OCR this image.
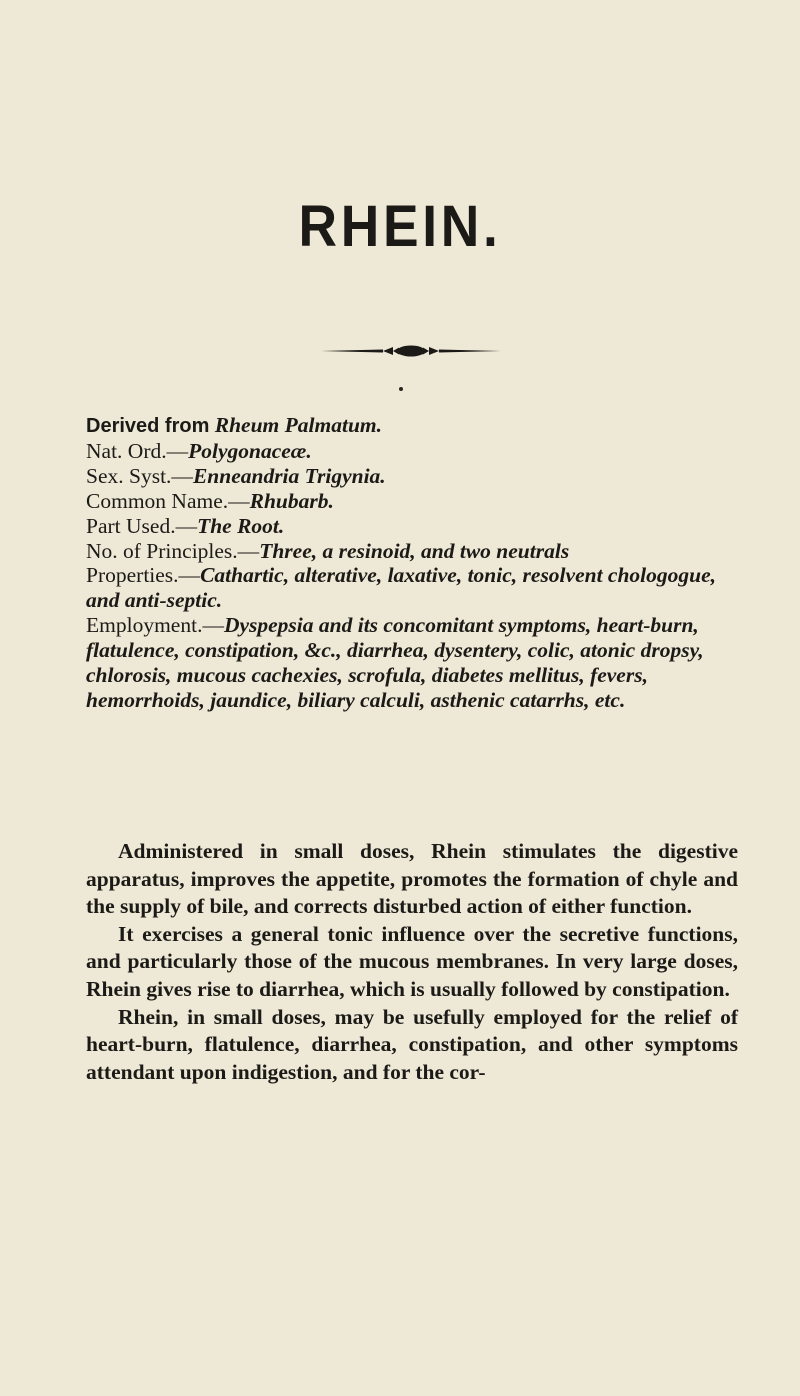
RHEIN.

Derived from Rheum Palmatum.

Nat. Ord.—Polygonaceæ.

Sex. Syst.—Enneandria Trigynia.

Common Name.—Rhubarb.

Part Used.—The Root.

No. of Principles.—Three, a resinoid, and two neutrals

Properties.—Cathartic, alterative, laxative, tonic, resolvent chologogue, and anti-septic.

Employment.—Dyspepsia and its concomitant symptoms, heart-burn, flatulence, constipation, &c., diarrhea, dysentery, colic, atonic dropsy, chlorosis, mucous cachexies, scrofula, diabetes mellitus, fevers, hemorrhoids, jaundice, biliary calculi, asthenic catarrhs, etc.

Administered in small doses, Rhein stimulates the digestive apparatus, improves the appetite, promotes the formation of chyle and the supply of bile, and corrects disturbed action of either function.

It exercises a general tonic influence over the secretive functions, and particularly those of the mucous membranes. In very large doses, Rhein gives rise to diarrhea, which is usually followed by constipation.

Rhein, in small doses, may be usefully employed for the relief of heart-burn, flatulence, diarrhea, constipation, and other symptoms attendant upon indigestion, and for the cor-
